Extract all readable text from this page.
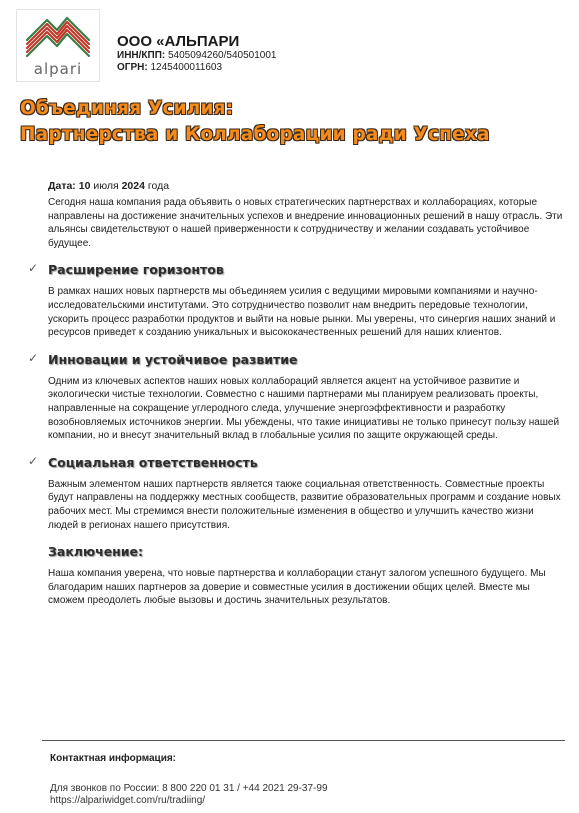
alpari
ООО «АЛЬПАРИ
ИНН/КПП: 5405094260/540501001
ОГРН: 1245400011603
Объединяя Усилия:
Партнерства и Коллаборации ради Успеха
Дата: 10 июля 2024 года

Сегодня наша компания рада объявить о новых стратегических партнерствах и коллаборациях, которые направлены на достижение значительных успехов и внедрение инновационных решений в нашу отрасль. Эти альянсы свидетельствуют о нашей приверженности к сотрудничеству и желании создавать устойчивое будущее.

✓ Расширение горизонтов

В рамках наших новых партнерств мы объединяем усилия с ведущими мировыми компаниями и научно-исследовательскими институтами. Это сотрудничество позволит нам внедрить передовые технологии, ускорить процесс разработки продуктов и выйти на новые рынки. Мы уверены, что синергия наших знаний и ресурсов приведет к созданию уникальных и высококачественных решений для наших клиентов.

✓ Инновации и устойчивое развитие

Одним из ключевых аспектов наших новых коллабораций является акцент на устойчивое развитие и экологически чистые технологии. Совместно с нашими партнерами мы планируем реализовать проекты, направленные на сокращение углеродного следа, улучшение энергоэффективности и разработку возобновляемых источников энергии. Мы убеждены, что такие инициативы не только принесут пользу нашей компании, но и внесут значительный вклад в глобальные усилия по защите окружающей среды.

✓ Социальная ответственность

Важным элементом наших партнерств является также социальная ответственность. Совместные проекты будут направлены на поддержку местных сообществ, развитие образовательных программ и создание новых рабочих мест. Мы стремимся внести положительные изменения в общество и улучшить качество жизни людей в регионах нашего присутствия.

Заключение:

Наша компания уверена, что новые партнерства и коллаборации станут залогом успешного будущего. Мы благодарим наших партнеров за доверие и совместные усилия в достижении общих целей. Вместе мы сможем преодолеть любые вызовы и достичь значительных результатов.

Контактная информация:
Для звонков по России: 8 800 220 01 31 / +44 2021 29-37-99
https://alpariwidget.com/ru/tradiing/
